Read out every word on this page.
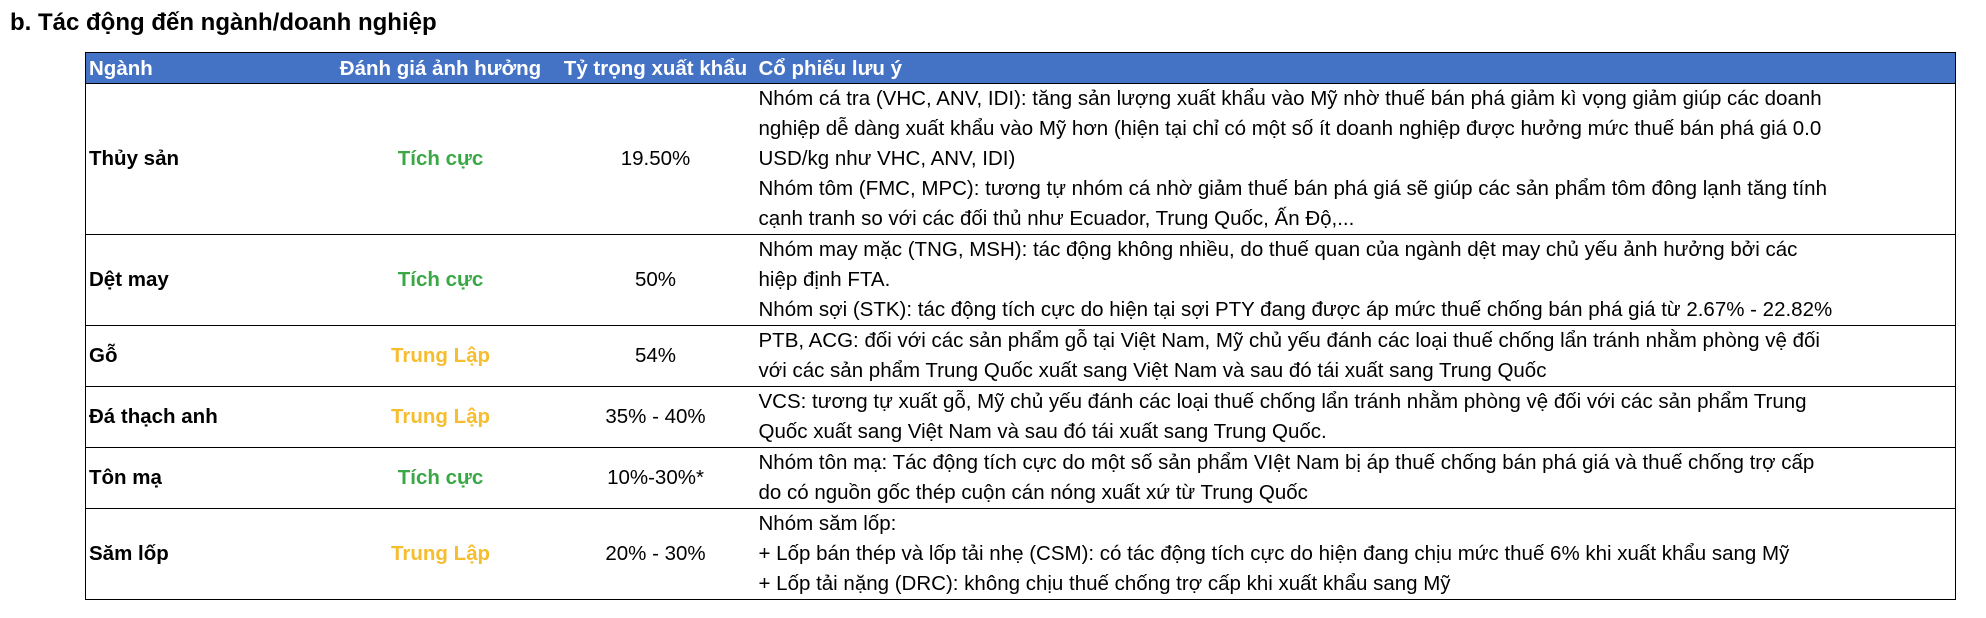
b. Tác động đến ngành/doanh nghiệp
Ngành	Đánh giá ảnh hưởng	Tỷ trọng xuất khẩu	Cổ phiếu lưu ý
Thủy sản	Tích cực	19.50%	Nhóm cá tra (VHC, ANV, IDI): tăng sản lượng xuất khẩu vào Mỹ nhờ thuế bán phá giảm kì vọng giảm giúp các doanh
nghiệp dễ dàng xuất khẩu vào Mỹ hơn (hiện tại chỉ có một số ít doanh nghiệp được hưởng mức thuế bán phá giá 0.0
USD/kg như VHC, ANV, IDI)
Nhóm tôm (FMC, MPC): tương tự nhóm cá nhờ giảm thuế bán phá giá sẽ giúp các sản phẩm tôm đông lạnh tăng tính
cạnh tranh so với các đối thủ như Ecuador, Trung Quốc, Ấn Độ,...

Dệt may	Tích cực	50%	Nhóm may mặc (TNG, MSH): tác động không nhiều, do thuế quan của ngành dệt may chủ yếu ảnh hưởng bởi các
hiệp định FTA.
Nhóm sợi (STK): tác động tích cực do hiện tại sợi PTY đang được áp mức thuế chống bán phá giá từ 2.67% - 22.82%

Gỗ	Trung Lập	54%	PTB, ACG: đối với các sản phẩm gỗ tại Việt Nam, Mỹ chủ yếu đánh các loại thuế chống lẩn tránh nhằm phòng vệ đối
với các sản phẩm Trung Quốc xuất sang Việt Nam và sau đó tái xuất sang Trung Quốc

Đá thạch anh	Trung Lập	35% - 40%	VCS: tương tự xuất gỗ, Mỹ chủ yếu đánh các loại thuế chống lẩn tránh nhằm phòng vệ đối với các sản phẩm Trung
Quốc xuất sang Việt Nam và sau đó tái xuất sang Trung Quốc.

Tôn mạ	Tích cực	10%-30%*	Nhóm tôn mạ: Tác động tích cực do một số sản phẩm VIệt Nam bị áp thuế chống bán phá giá và thuế chống trợ cấp
do có nguồn gốc thép cuộn cán nóng xuất xứ từ Trung Quốc

Săm lốp	Trung Lập	20% - 30%	Nhóm săm lốp:
+ Lốp bán thép và lốp tải nhẹ (CSM): có tác động tích cực do hiện đang chịu mức thuế 6% khi xuất khẩu sang Mỹ
+ Lốp tải nặng (DRC): không chịu thuế chống trợ cấp khi xuất khẩu sang Mỹ
